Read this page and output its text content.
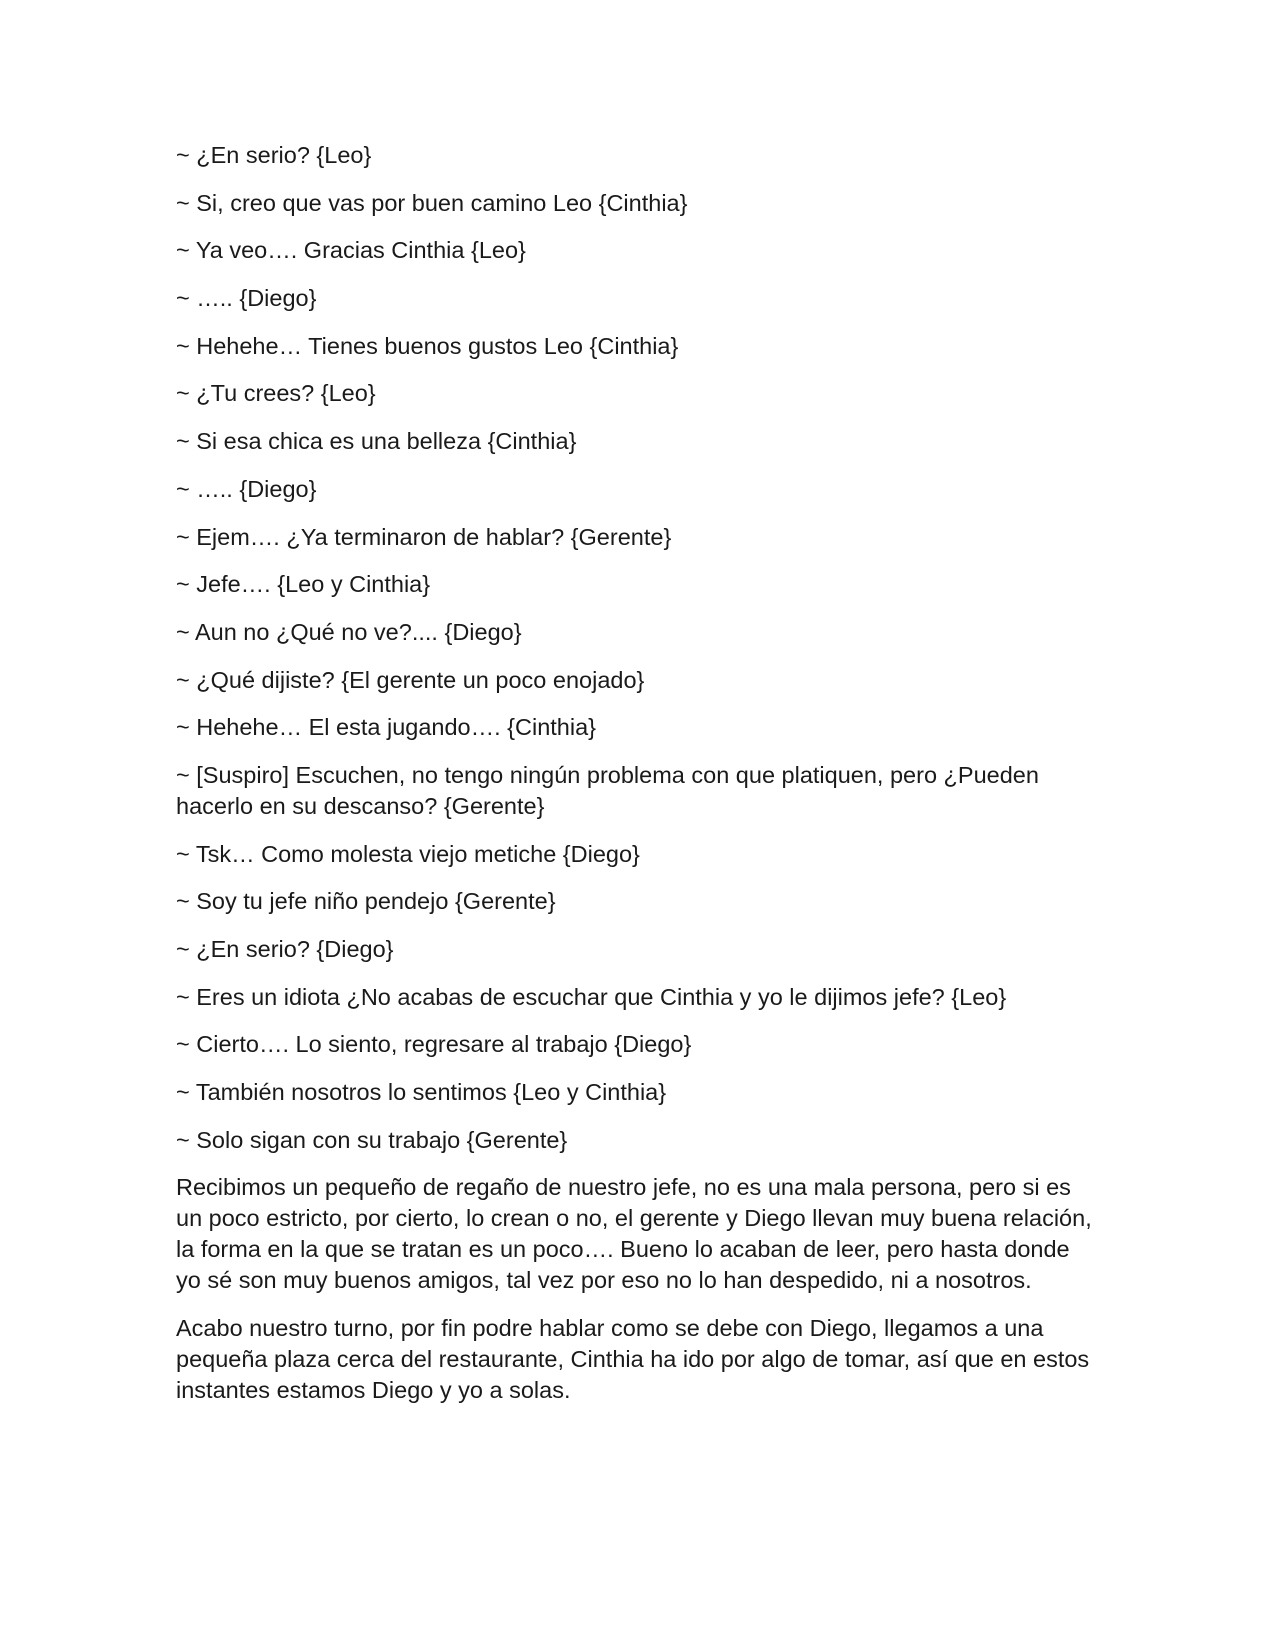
~ ¿En serio? {Leo}

~ Si, creo que vas por buen camino Leo {Cinthia}

~ Ya veo…. Gracias Cinthia {Leo}

~ ….. {Diego}

~ Hehehe… Tienes buenos gustos Leo {Cinthia}

~ ¿Tu crees? {Leo}

~ Si esa chica es una belleza {Cinthia}

~ ….. {Diego}

~ Ejem…. ¿Ya terminaron de hablar? {Gerente}

~ Jefe…. {Leo y Cinthia}

~ Aun no ¿Qué no ve?.... {Diego}

~ ¿Qué dijiste? {El gerente un poco enojado}

~ Hehehe… El esta jugando…. {Cinthia}

~ [Suspiro] Escuchen, no tengo ningún problema con que platiquen, pero ¿Pueden hacerlo en su descanso? {Gerente}

~ Tsk… Como molesta viejo metiche {Diego}

~ Soy tu jefe niño pendejo {Gerente}

~ ¿En serio? {Diego}

~ Eres un idiota ¿No acabas de escuchar que Cinthia y yo le dijimos jefe? {Leo}

~ Cierto…. Lo siento, regresare al trabajo {Diego}

~ También nosotros lo sentimos {Leo y Cinthia}

~ Solo sigan con su trabajo {Gerente}

Recibimos un pequeño de regaño de nuestro jefe, no es una mala persona, pero si es un poco estricto, por cierto, lo crean o no, el gerente y Diego llevan muy buena relación, la forma en la que se tratan es un poco…. Bueno lo acaban de leer, pero hasta donde yo sé son muy buenos amigos, tal vez por eso no lo han despedido, ni a nosotros.

Acabo nuestro turno, por fin podre hablar como se debe con Diego, llegamos a una pequeña plaza cerca del restaurante, Cinthia ha ido por algo de tomar, así que en estos instantes estamos Diego y yo a solas.
